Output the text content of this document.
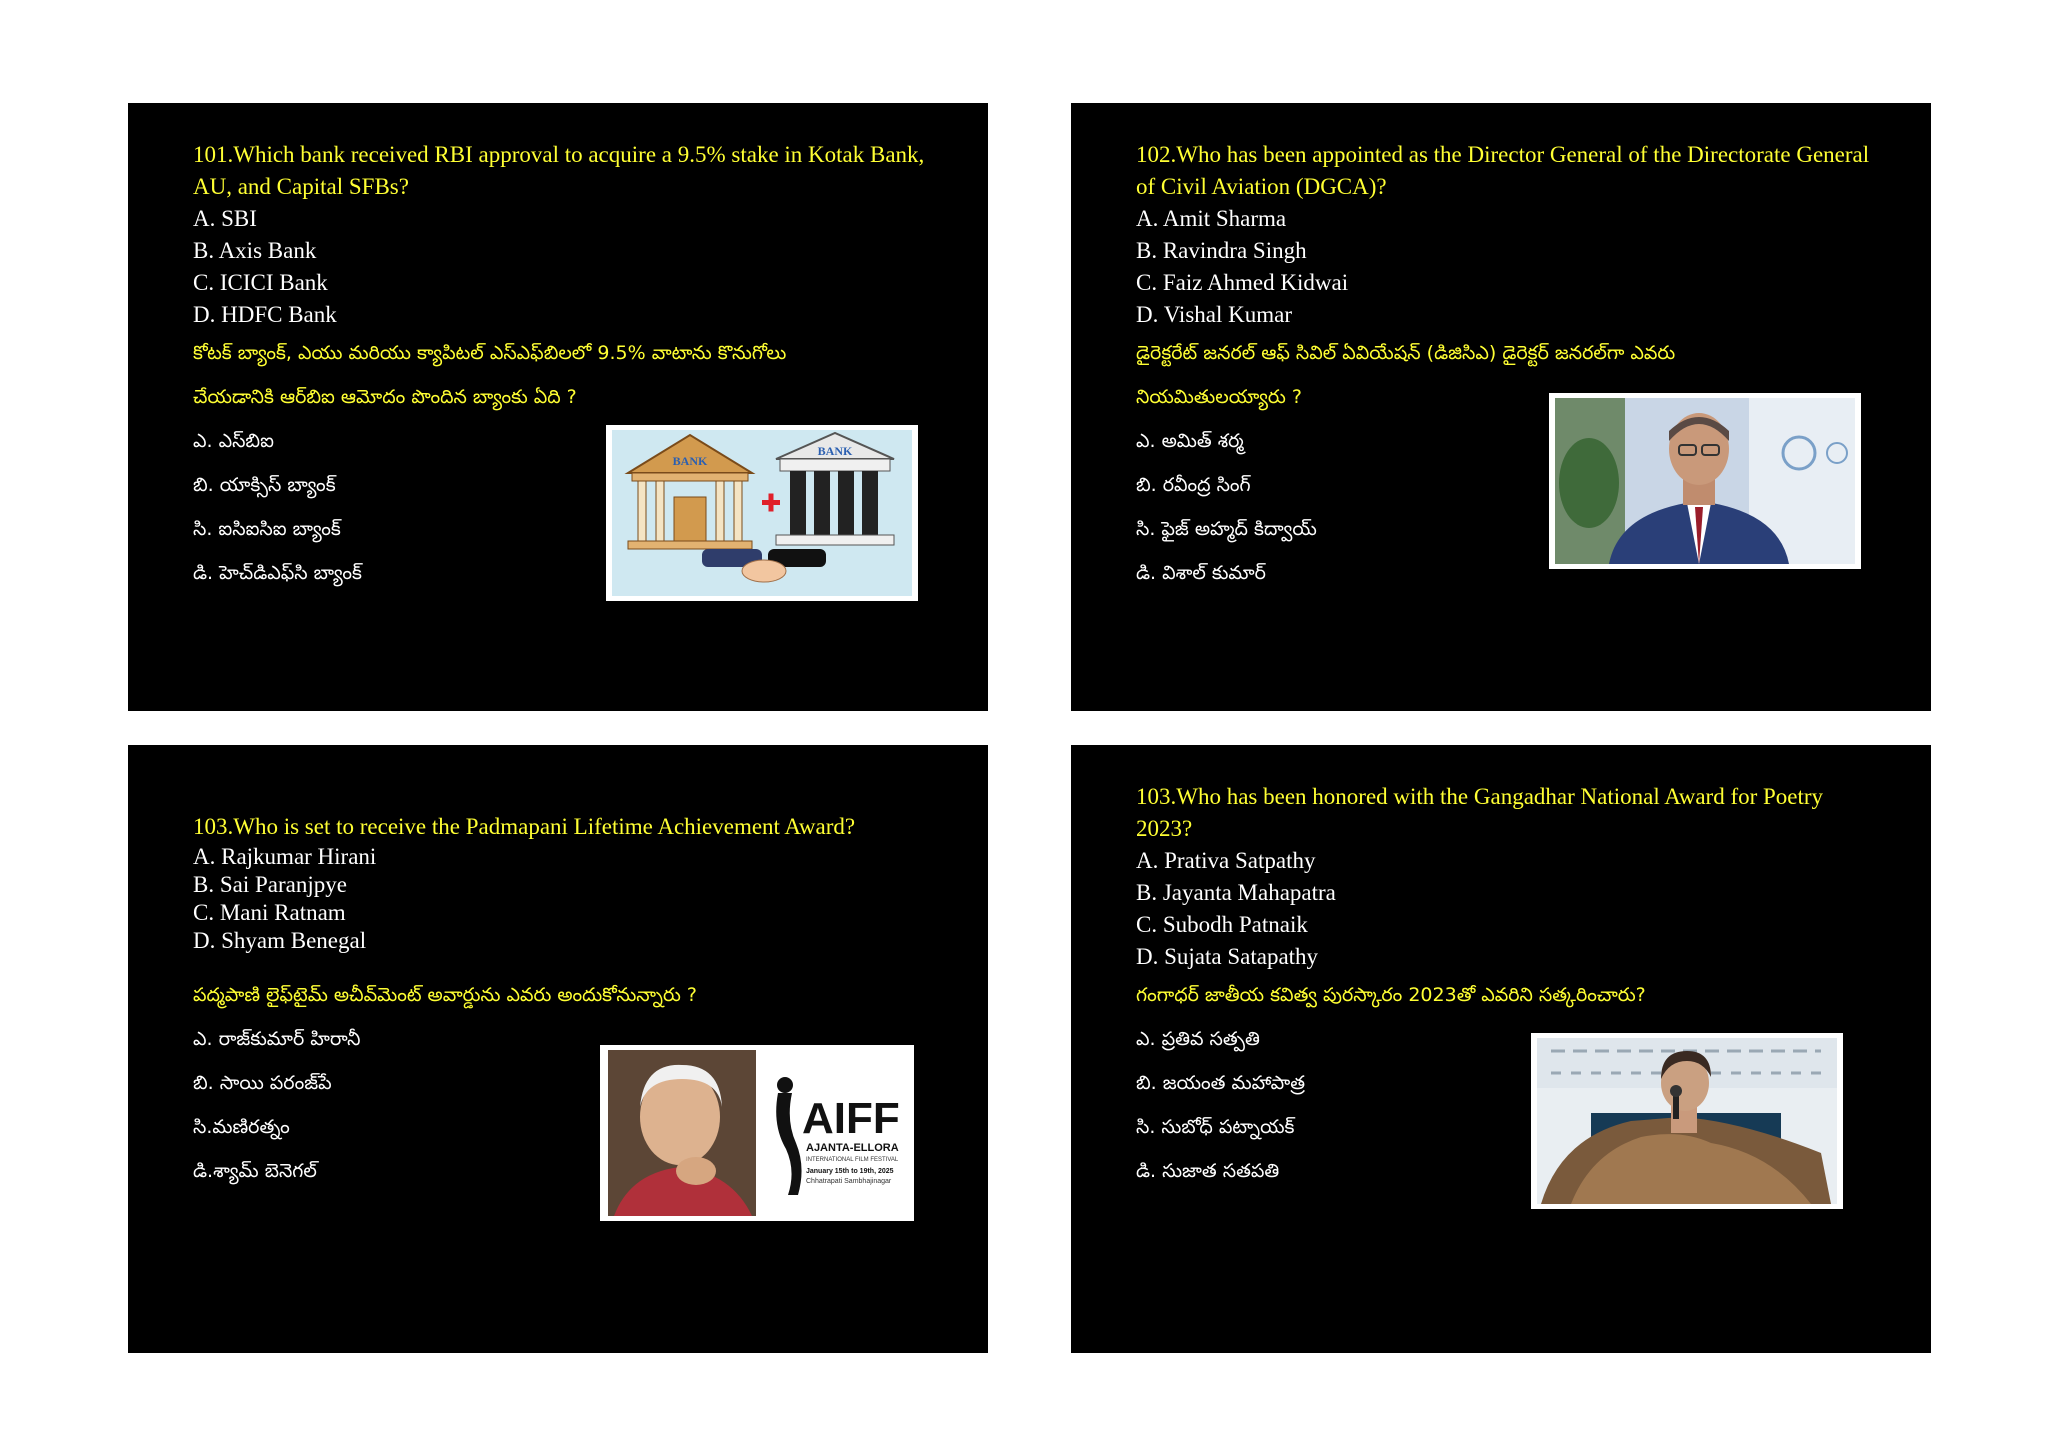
101.Which bank received RBI approval to acquire a 9.5% stake in Kotak Bank, AU, and Capital SFBs?

A. SBI
B. Axis Bank
C. ICICI Bank
D. HDFC Bank

కోటక్ బ్యాంక్, ఎయు మరియు క్యాపిటల్ ఎస్ఎఫ్‌బిలలో 9.5% వాటాను కొనుగోలు

చేయడానికి ఆర్‌బిఐ ఆమోదం పొందిన బ్యాంకు ఏది ?

ఎ. ఎస్‌బిఐ
బి. యాక్సిస్ బ్యాంక్
సి. ఐసిఐసిఐ బ్యాంక్
డి. హెచ్‌డిఎఫ్‌సి బ్యాంక్
BANK
BANK

102.Who has been appointed as the Director General of the Directorate General of Civil Aviation (DGCA)?

A. Amit Sharma
B. Ravindra Singh
C. Faiz Ahmed Kidwai
D. Vishal Kumar

డైరెక్టరేట్ జనరల్ ఆఫ్ సివిల్ ఏవియేషన్ (డిజిసిఎ) డైరెక్టర్ జనరల్‌గా ఎవరు

నియమితులయ్యారు ?

ఎ. అమిత్ శర్మ
బి. రవీంద్ర సింగ్
సి. ఫైజ్ అహ్మద్ కిద్వాయ్
డి. విశాల్ కుమార్

103.Who is set to receive the Padmapani Lifetime Achievement Award?

A. Rajkumar Hirani
B. Sai Paranjpye
C. Mani Ratnam
D. Shyam Benegal

పద్మపాణి లైఫ్‌టైమ్ అచీవ్‌మెంట్ అవార్డును ఎవరు అందుకోనున్నారు ?

ఎ. రాజ్‌కుమార్ హిరానీ
బి. సాయి పరంజ్‌పే
సి.మణిరత్నం
డి.శ్యామ్ బెనెగల్
AIFF
AJANTA-ELLORA
INTERNATIONAL FILM FESTIVAL
January 15th to 19th, 2025
Chhatrapati Sambhajinagar

103.Who has been honored with the Gangadhar National Award for Poetry 2023?

A. Prativa Satpathy
B. Jayanta Mahapatra
C. Subodh Patnaik
D. Sujata Satapathy

గంగాధర్ జాతీయ కవిత్వ పురస్కారం 2023తో ఎవరిని సత్కరించారు?

ఎ. ప్రతివ సత్పతి
బి. జయంత మహాపాత్ర
సి. సుబోధ్ పట్నాయక్
డి. సుజాత సతపతి
